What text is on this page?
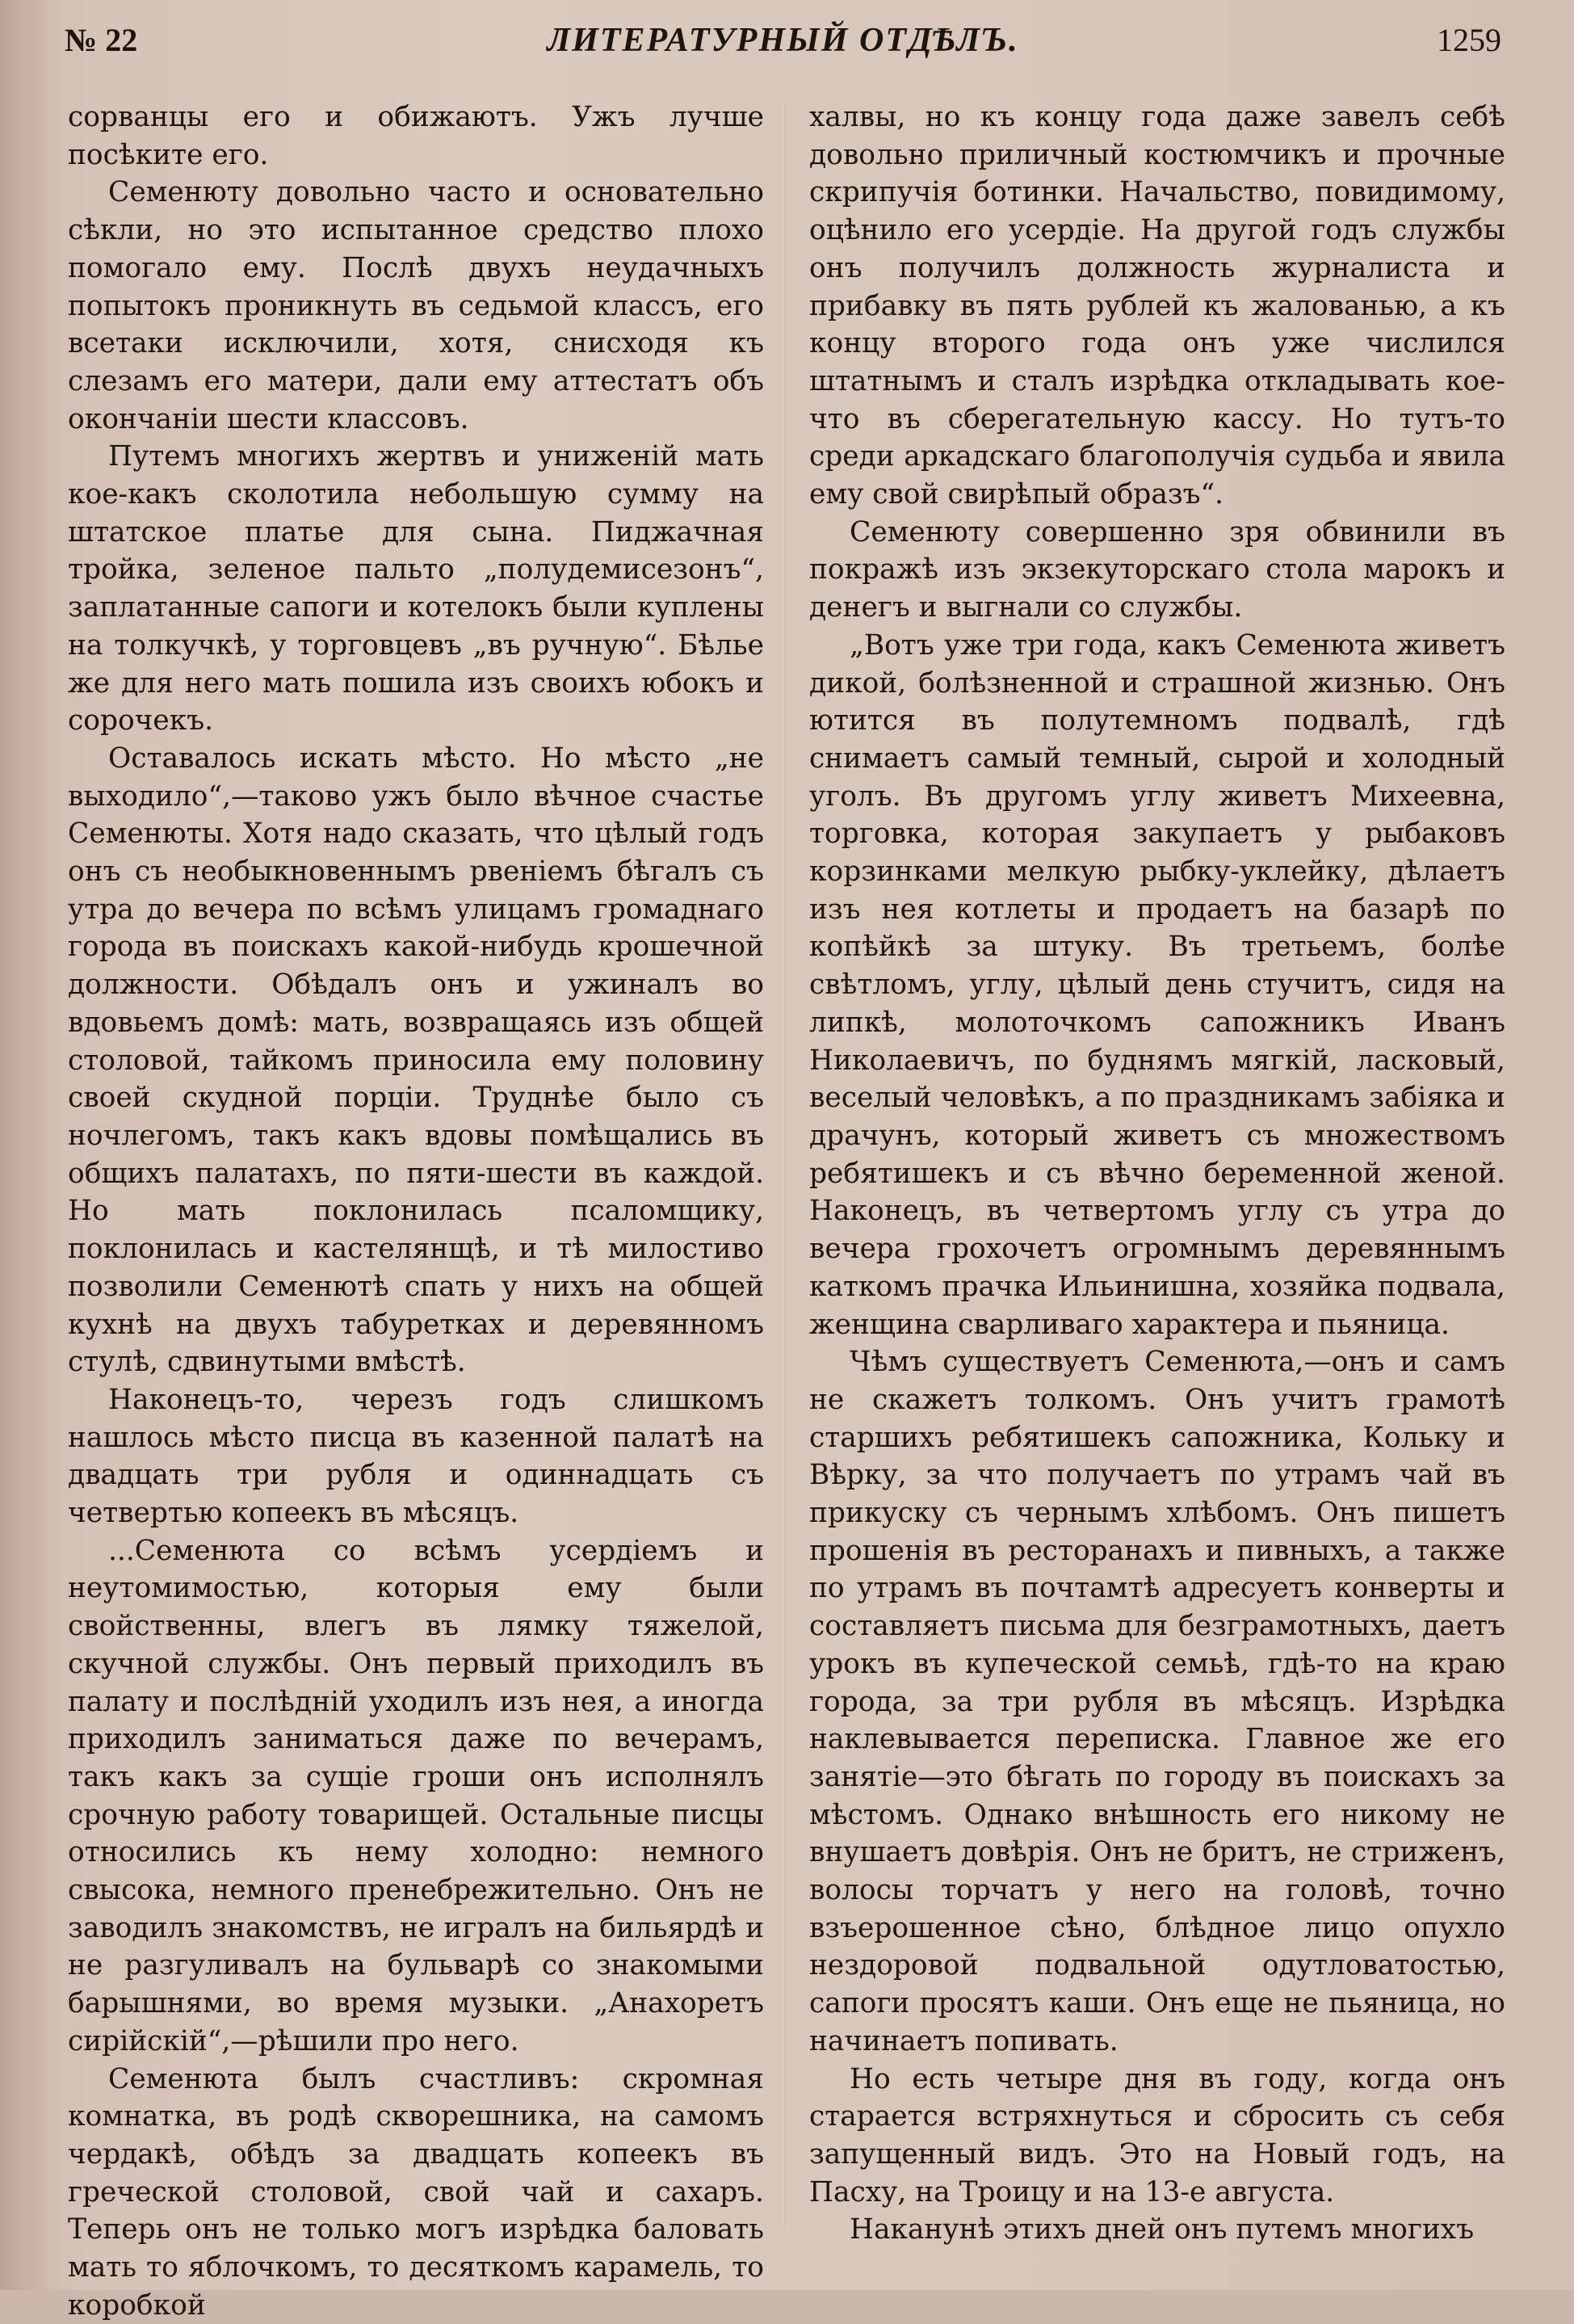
№ 22	ЛИТЕРАТУРНЫЙ ОТДѢЛЪ.	1259

сорванцы его и обижаютъ. Ужъ лучше посѣките его.

Семенюту довольно часто и основательно сѣкли, но это испытанное средство плохо помогало ему. Послѣ двухъ неудачныхъ попытокъ проникнуть въ седьмой классъ, его всетаки исключили, хотя, снисходя къ слезамъ его матери, дали ему аттестатъ объ окончаніи шести классовъ.

Путемъ многихъ жертвъ и униженій мать кое-какъ сколотила небольшую сумму на штатское платье для сына. Пиджачная тройка, зеленое пальто „полудемисезонъ“, заплатанные сапоги и котелокъ были куплены на толкучкѣ, у торговцевъ „въ ручную“. Бѣлье же для него мать пошила изъ своихъ юбокъ и сорочекъ.

Оставалось искать мѣсто. Но мѣсто „не выходило“,—таково ужъ было вѣчное счастье Семенюты. Хотя надо сказать, что цѣлый годъ онъ съ необыкновеннымъ рвеніемъ бѣгалъ съ утра до вечера по всѣмъ улицамъ громаднаго города въ поискахъ какой-нибудь крошечной должности. Обѣдалъ онъ и ужиналъ во вдовьемъ домѣ: мать, возвращаясь изъ общей столовой, тайкомъ приносила ему половину своей скудной порціи. Труднѣе было съ ночлегомъ, такъ какъ вдовы помѣщались въ общихъ палатахъ, по пяти-шести въ каждой. Но мать поклонилась псаломщику, поклонилась и кастелянщѣ, и тѣ милостиво позволили Семенютѣ спать у нихъ на общей кухнѣ на двухъ табуретках и деревянномъ стулѣ, сдвинутыми вмѣстѣ.

Наконецъ-то, черезъ годъ слишкомъ нашлось мѣсто писца въ казенной палатѣ на двадцать три рубля и одиннадцать съ четвертью копеекъ въ мѣсяцъ.

...Семенюта со всѣмъ усердіемъ и неутомимостью, которыя ему были свойственны, влегъ въ лямку тяжелой, скучной службы. Онъ первый приходилъ въ палату и послѣдній уходилъ изъ нея, а иногда приходилъ заниматься даже по вечерамъ, такъ какъ за сущіе гроши онъ исполнялъ срочную работу товарищей. Остальные писцы относились къ нему холодно: немного свысока, немного пренебрежительно. Онъ не заводилъ знакомствъ, не игралъ на бильярдѣ и не разгуливалъ на бульварѣ со знакомыми барышнями, во время музыки. „Анахоретъ сирійскій“,—рѣшили про него.

Семенюта былъ счастливъ: скромная комнатка, въ родѣ скворешника, на самомъ чердакѣ, обѣдъ за двадцать копеекъ въ греческой столовой, свой чай и сахаръ. Теперь онъ не только могъ изрѣдка баловать мать то яблочкомъ, то десяткомъ карамель, то коробкой

халвы, но къ концу года даже завелъ себѣ довольно приличный костюмчикъ и прочные скрипучія ботинки. Начальство, повидимому, оцѣнило его усердіе. На другой годъ службы онъ получилъ должность журналиста и прибавку въ пять рублей къ жалованью, а къ концу второго года онъ уже числился штатнымъ и сталъ изрѣдка откладывать кое-что въ сберегательную кассу. Но тутъ-то среди аркадскаго благополучія судьба и явила ему свой свирѣпый образъ“.

Семенюту совершенно зря обвинили въ покражѣ изъ экзекуторскаго стола марокъ и денегъ и выгнали со службы.

„Вотъ уже три года, какъ Семенюта живетъ дикой, болѣзненной и страшной жизнью. Онъ ютится въ полутемномъ подвалѣ, гдѣ снимаетъ самый темный, сырой и холодный уголъ. Въ другомъ углу живетъ Михеевна, торговка, которая закупаетъ у рыбаковъ корзинками мелкую рыбку-уклейку, дѣлаетъ изъ нея котлеты и продаетъ на базарѣ по копѣйкѣ за штуку. Въ третьемъ, болѣе свѣтломъ, углу, цѣлый день стучитъ, сидя на липкѣ, молоточкомъ сапожникъ Иванъ Николаевичъ, по буднямъ мягкій, ласковый, веселый человѣкъ, а по праздникамъ забіяка и драчунъ, который живетъ съ множествомъ ребятишекъ и съ вѣчно беременной женой. Наконецъ, въ четвертомъ углу съ утра до вечера грохочетъ огромнымъ деревяннымъ каткомъ прачка Ильинишна, хозяйка подвала, женщина сварливаго характера и пьяница.

Чѣмъ существуетъ Семенюта,—онъ и самъ не скажетъ толкомъ. Онъ учитъ грамотѣ старшихъ ребятишекъ сапожника, Кольку и Вѣрку, за что получаетъ по утрамъ чай въ прикуску съ чернымъ хлѣбомъ. Онъ пишетъ прошенія въ ресторанахъ и пивныхъ, а также по утрамъ въ почтамтѣ адресуетъ конверты и составляетъ письма для безграмотныхъ, даетъ урокъ въ купеческой семьѣ, гдѣ-то на краю города, за три рубля въ мѣсяцъ. Изрѣдка наклевывается переписка. Главное же его занятіе—это бѣгать по городу въ поискахъ за мѣстомъ. Однако внѣшность его никому не внушаетъ довѣрія. Онъ не бритъ, не стриженъ, волосы торчатъ у него на головѣ, точно взъерошенное сѣно, блѣдное лицо опухло нездоровой подвальной одутловатостью, сапоги просятъ каши. Онъ еще не пьяница, но начинаетъ попивать.

Но есть четыре дня въ году, когда онъ старается встряхнуться и сбросить съ себя запущенный видъ. Это на Новый годъ, на Пасху, на Троицу и на 13-е августа.

Наканунѣ этихъ дней онъ путемъ многихъ
